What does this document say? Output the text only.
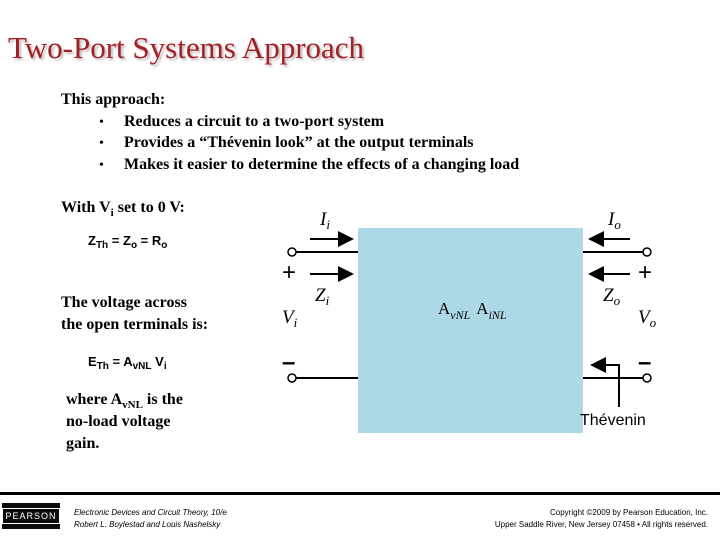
Two-Port Systems Approach
This approach:
• Reduces a circuit to a two-port system
• Provides a “Thévenin look” at the output terminals
• Makes it easier to determine the effects of a changing load
With $V_i$ set to 0 V:
$Z_{Th} = Z_o = R_o$
The voltage across
the open terminals is:
$E_{Th} = A_{vNL}$ $V_i$
where $A_{vNL}$ is the
no-load voltage
gain.
$I_i$	$I_o$
$Z_i$	$Z_o$
$V_i$	$V_o$
+	+
–	–
$A_{vNL}$ $A_{iNL}$
Thévenin
PEARSON	Electronic Devices and Circuit Theory, 10/e
Robert L. Boylestad and Louis Nashelsky
Copyright ©2009 by Pearson Education, Inc.
Upper Saddle River, New Jersey 07458 • All rights reserved.
